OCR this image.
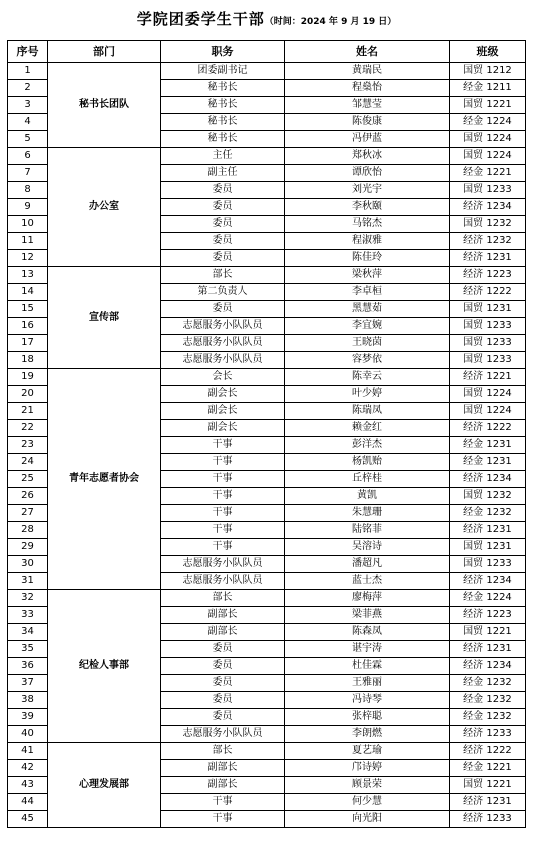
学院团委学生干部（时间：2024 年 9 月 19 日）
序号	部门	职务	姓名	班级
1	秘书长团队	团委副书记	黄瑞民	国贸 1212
2		秘书长	程燊怡	经金 1211
3		秘书长	邹慧莹	国贸 1221
4		秘书长	陈俊康	经金 1224
5		秘书长	冯伊蓝	国贸 1224
6	办公室	主任	郑秋冰	国贸 1224
7		副主任	谭欣怡	经金 1221
8		委员	刘光宇	国贸 1233
9		委员	李秋颐	经济 1234
10		委员	马铭杰	国贸 1232
11		委员	程淑雅	经济 1232
12		委员	陈佳玲	经济 1231
13	宣传部	部长	梁秋萍	经济 1223
14		第二负责人	李卓桓	经济 1222
15		委员	黑慧茹	国贸 1231
16		志愿服务小队队员	李宜婉	国贸 1233
17		志愿服务小队队员	王晓茵	国贸 1233
18		志愿服务小队队员	容梦依	国贸 1233
19	青年志愿者协会	会长	陈幸云	经济 1221
20		副会长	叶少婷	国贸 1224
21		副会长	陈瑞凤	国贸 1224
22		副会长	赖金红	经济 1222
23		干事	彭洋杰	经金 1231
24		干事	杨凯贻	经金 1231
25		干事	丘梓桂	经济 1234
26		干事	黄凯	国贸 1232
27		干事	朱慧珊	经金 1232
28		干事	陆铭菲	经济 1231
29		干事	吴溶诗	国贸 1231
30		志愿服务小队队员	潘超凡	国贸 1233
31		志愿服务小队队员	蓝士杰	经济 1234
32	纪检人事部	部长	廖梅萍	经金 1224
33		副部长	梁菲燕	经济 1223
34		副部长	陈森凤	国贸 1221
35		委员	谌宇涛	经济 1231
36		委员	杜佳霖	经济 1234
37		委员	王雅丽	经金 1232
38		委员	冯诗琴	经金 1232
39		委员	张梓聪	经金 1232
40		志愿服务小队队员	李朗燃	经济 1233
41	心理发展部	部长	夏艺瑜	经济 1222
42		副部长	邝诗婷	经金 1221
43		副部长	顾景荣	国贸 1221
44		干事	何少慧	经济 1231
45		干事	向光阳	经济 1233
